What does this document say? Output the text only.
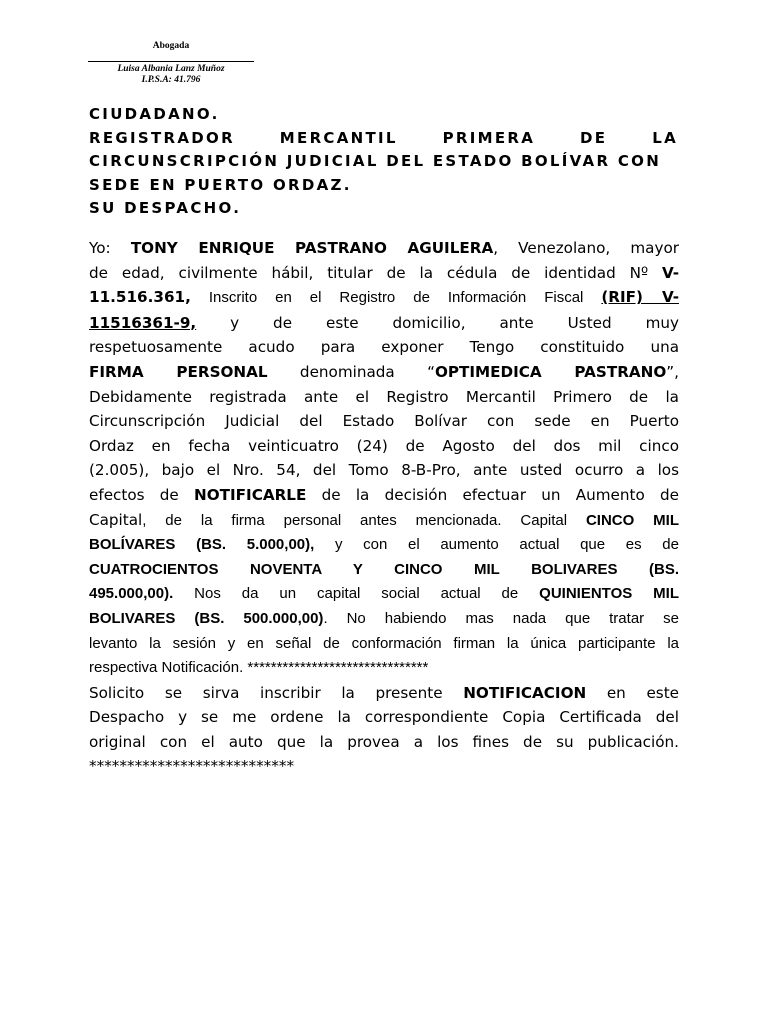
Abogada
Luisa Albania Lanz Muñoz
I.P.S.A: 41.796
CIUDADANO.
REGISTRADOR	MERCANTIL	PRIMERA	DE	LA
CIRCUNSCRIPCIÓN JUDICIAL DEL ESTADO BOLÍVAR CON
SEDE EN PUERTO ORDAZ.
SU DESPACHO.

Yo: TONY ENRIQUE PASTRANO AGUILERA, Venezolano, mayor
de edad, civilmente hábil, titular de la cédula de identidad Nº V-
11.516.361, Inscrito en el Registro de Información Fiscal (RIF) V-
11516361-9, y de este domicilio, ante Usted muy
respetuosamente acudo para exponer Tengo constituido una
FIRMA PERSONAL denominada “OPTIMEDICA PASTRANO”,
Debidamente registrada ante el Registro Mercantil Primero de la
Circunscripción Judicial del Estado Bolívar con sede en Puerto
Ordaz en fecha veinticuatro (24) de Agosto del dos mil cinco
(2.005), bajo el Nro. 54, del Tomo 8-B-Pro, ante usted ocurro a los
efectos de NOTIFICARLE de la decisión efectuar un Aumento de
Capital, de la firma personal antes mencionada. Capital CINCO MIL
BOLÍVARES (BS. 5.000,00), y con el aumento actual que es de
CUATROCIENTOS NOVENTA Y CINCO MIL BOLIVARES (BS.
495.000,00). Nos da un capital social actual de QUINIENTOS MIL
BOLIVARES (BS. 500.000,00). No habiendo mas nada que tratar se
levanto la sesión y en señal de conformación firman la única participante la
respectiva Notificación. *******************************

Solicito se sirva inscribir la presente NOTIFICACION en este
Despacho y se me ordene la correspondiente Copia Certificada del
original con el auto que la provea a los fines de su publicación.
***************************
